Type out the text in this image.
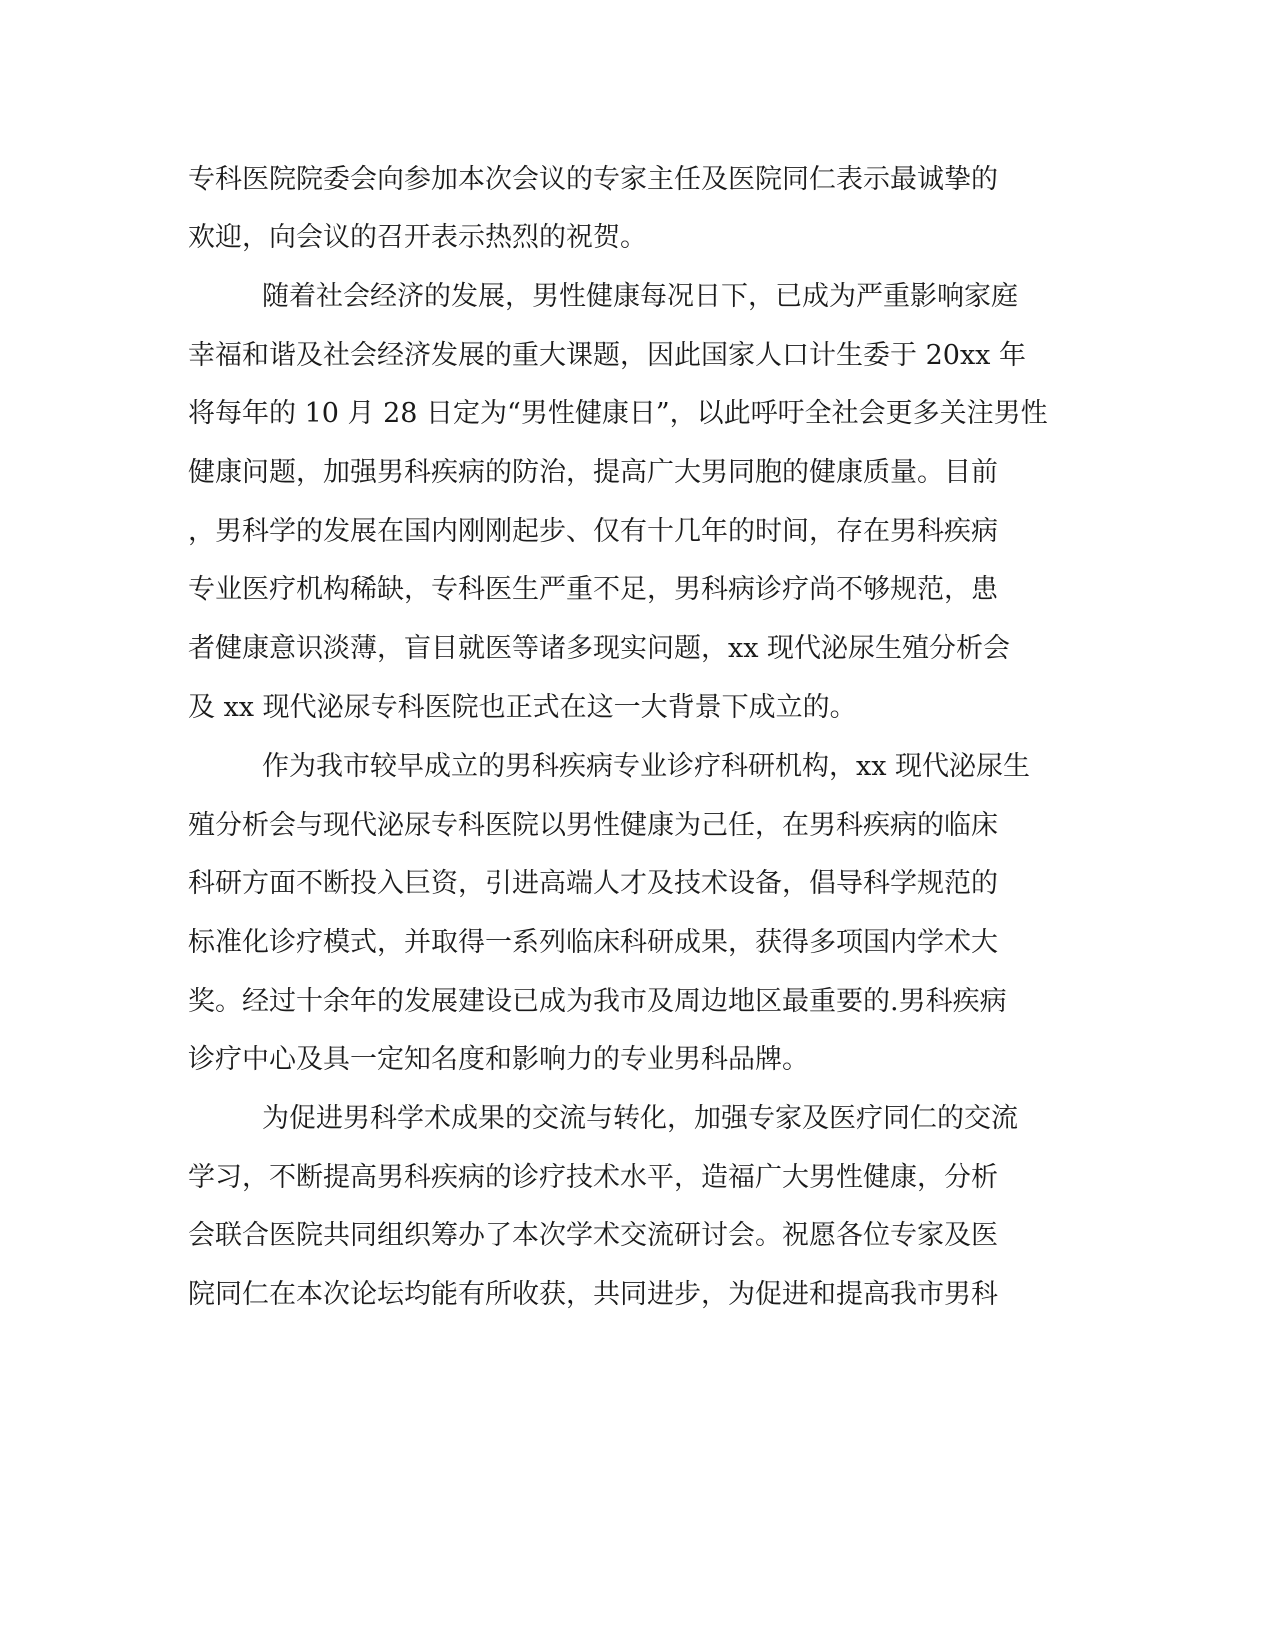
专科医院院委会向参加本次会议的专家主任及医院同仁表示最诚挚的
欢迎，向会议的召开表示热烈的祝贺。
随着社会经济的发展，男性健康每况日下，已成为严重影响家庭
幸福和谐及社会经济发展的重大课题，因此国家人口计生委于 20xx 年
将每年的 10 月 28 日定为“男性健康日”，以此呼吁全社会更多关注男性
健康问题，加强男科疾病的防治，提高广大男同胞的健康质量。目前
，男科学的发展在国内刚刚起步、仅有十几年的时间，存在男科疾病
专业医疗机构稀缺，专科医生严重不足，男科病诊疗尚不够规范，患
者健康意识淡薄，盲目就医等诸多现实问题，xx 现代泌尿生殖分析会
及 xx 现代泌尿专科医院也正式在这一大背景下成立的。
作为我市较早成立的男科疾病专业诊疗科研机构，xx 现代泌尿生
殖分析会与现代泌尿专科医院以男性健康为己任，在男科疾病的临床
科研方面不断投入巨资，引进高端人才及技术设备，倡导科学规范的
标准化诊疗模式，并取得一系列临床科研成果，获得多项国内学术大
奖。经过十余年的发展建设已成为我市及周边地区最重要的.男科疾病
诊疗中心及具一定知名度和影响力的专业男科品牌。
为促进男科学术成果的交流与转化，加强专家及医疗同仁的交流
学习，不断提高男科疾病的诊疗技术水平，造福广大男性健康，分析
会联合医院共同组织筹办了本次学术交流研讨会。祝愿各位专家及医
院同仁在本次论坛均能有所收获，共同进步，为促进和提高我市男科
